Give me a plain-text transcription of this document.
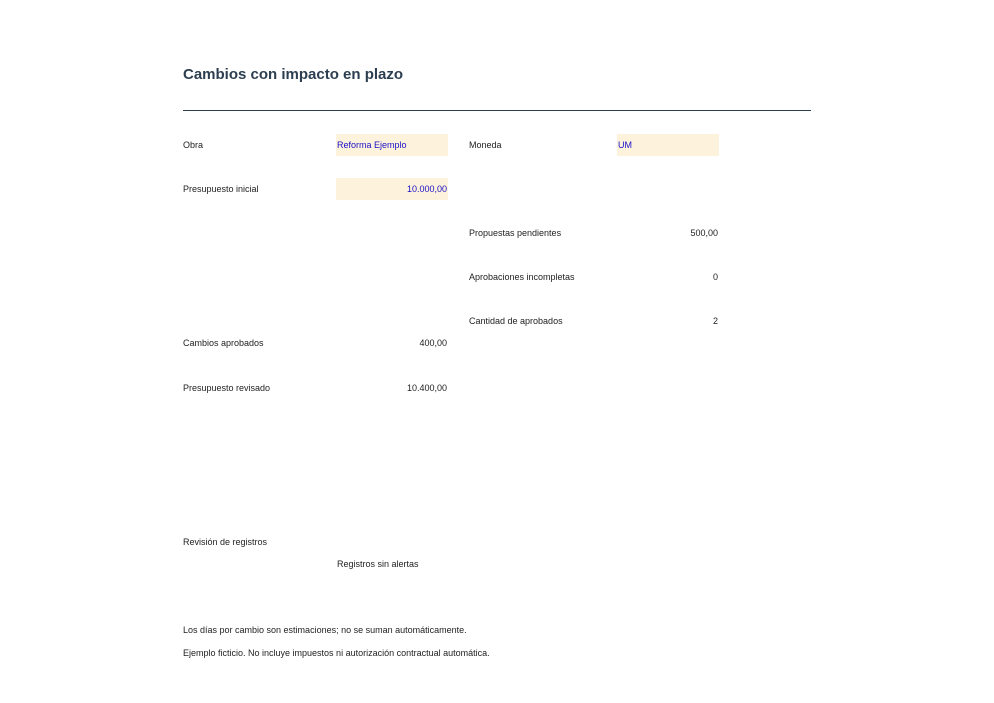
Cambios con impacto en plazo
Obra	Reforma Ejemplo	Moneda	UM
Presupuesto inicial	10.000,00
Propuestas pendientes	500,00
Aprobaciones incompletas	0
Cantidad de aprobados	2
Cambios aprobados	400,00
Presupuesto revisado	10.400,00
Revisión de registros
Registros sin alertas
Los días por cambio son estimaciones; no se suman automáticamente.
Ejemplo ficticio. No incluye impuestos ni autorización contractual automática.
